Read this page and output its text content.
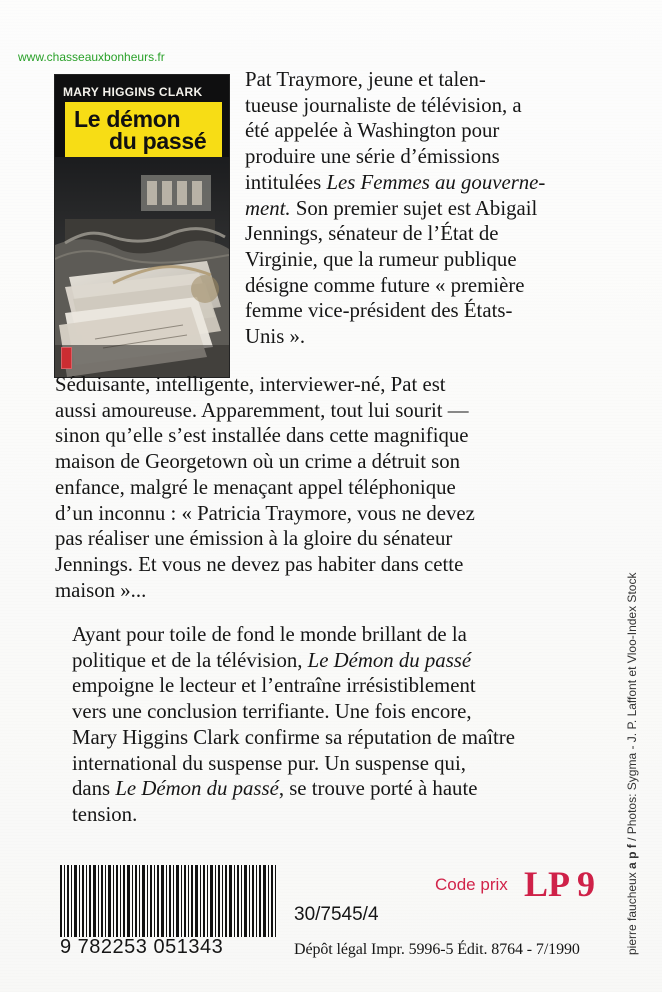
www.chasseauxbonheurs.fr
MARY HIGGINS CLARK
Le démon
du passé
Pat Traymore, jeune et talen-
tueuse journaliste de télévision, a
été appelée à Washington pour
produire une série d’émissions
intitulées Les Femmes au gouverne-
ment. Son premier sujet est Abigail
Jennings, sénateur de l’État de
Virginie, que la rumeur publique
désigne comme future « première
femme vice-président des États-
Unis ».
Séduisante, intelligente, interviewer-né, Pat est
aussi amoureuse. Apparemment, tout lui sourit —
sinon qu’elle s’est installée dans cette magnifique
maison de Georgetown où un crime a détruit son
enfance, malgré le menaçant appel téléphonique
d’un inconnu : « Patricia Traymore, vous ne devez
pas réaliser une émission à la gloire du sénateur
Jennings. Et vous ne devez pas habiter dans cette
maison »...
Ayant pour toile de fond le monde brillant de la
politique et de la télévision, Le Démon du passé
empoigne le lecteur et l’entraîne irrésistiblement
vers une conclusion terrifiante. Une fois encore,
Mary Higgins Clark confirme sa réputation de maître
international du suspense pur. Un suspense qui,
dans Le Démon du passé, se trouve porté à haute
tension.
9 782253 051343
Code prix LP 9
30/7545/4
Dépôt légal Impr. 5996-5 Édit. 8764 - 7/1990	pierre faucheux a p f / Photos: Sygma - J. P. Laffont et Vloo-Index Stock
